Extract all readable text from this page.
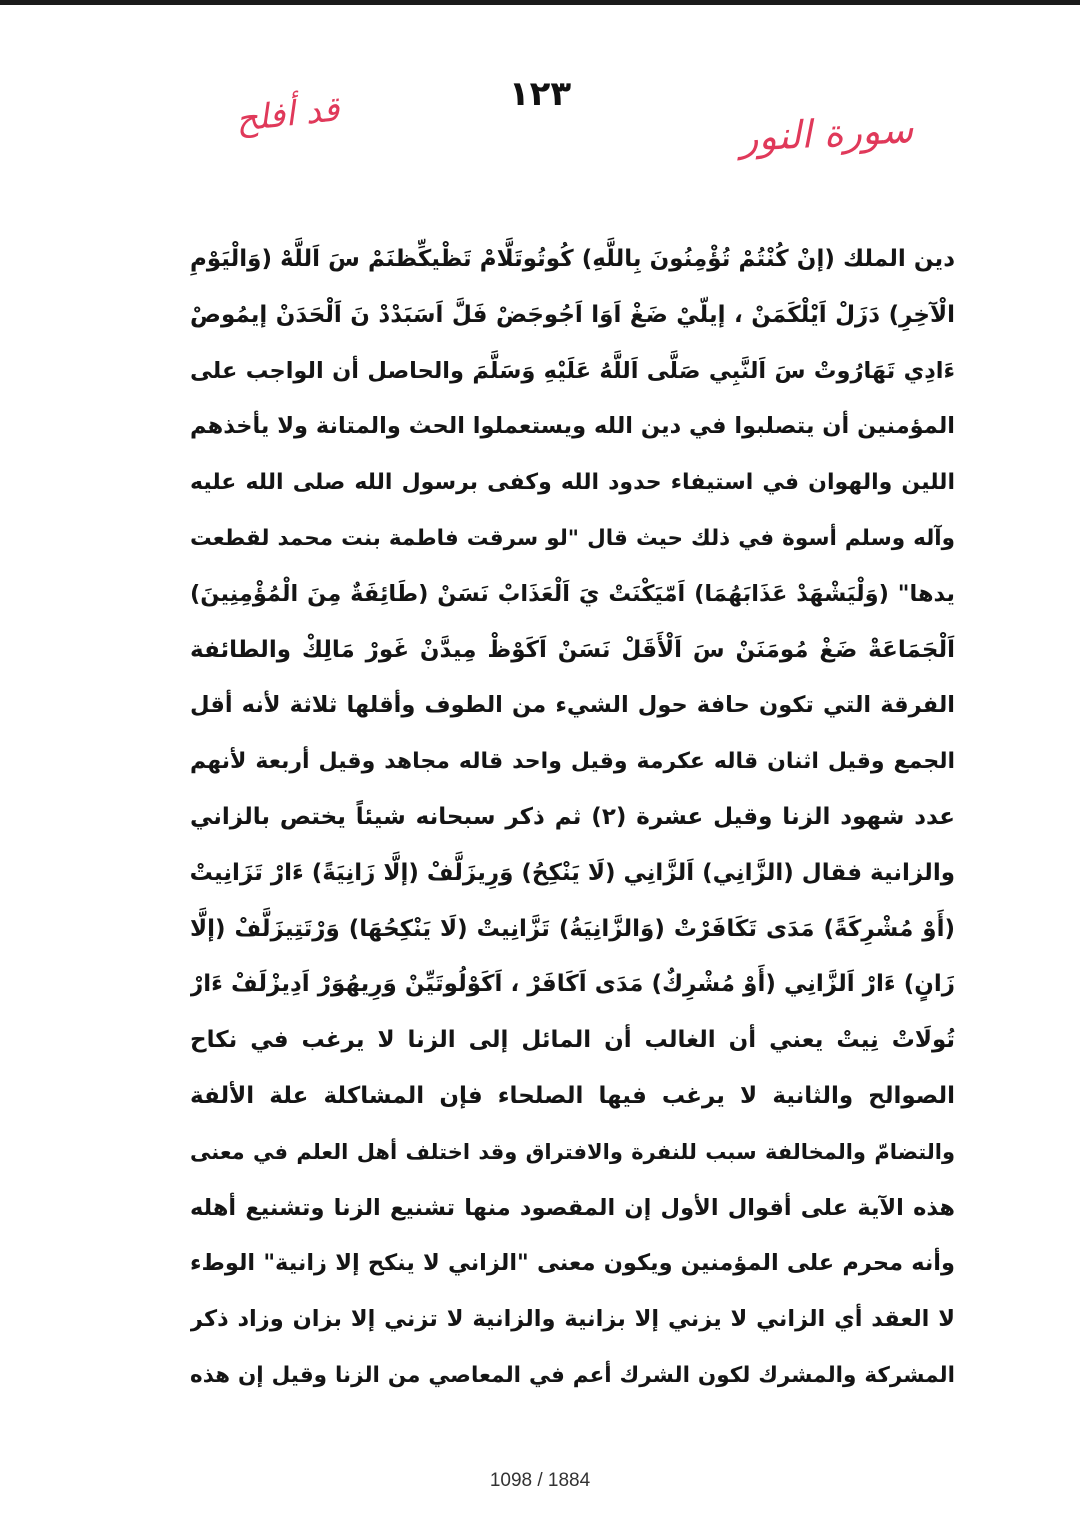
١٢٣
قد أفلح	سورة النور
دين الملك (إنْ كُنْتُمْ تُؤْمِنُونَ بِاللَّهِ) كُوتُوتَلَّامْ تَظْيكِّظنَمْ سَ اَللَّهْ (وَالْيَوْمِ
الْآخِرِ) دَزَلْ اَيْلْكَمَنْ ، إيلّيْ ضَغْ اَوَا اَجُوجَضْ فَلَّ اَسَبَدْدْ نَ اَلْحَدَنْ إيمُوصْ
ءَادِي تَهَارُوتْ سَ اَلنَّبِي صَلَّى اَللَّهُ عَلَيْهِ وَسَلَّمَ والحاصل أن الواجب على
المؤمنين أن يتصلبوا في دين الله ويستعملوا الحث والمتانة ولا يأخذهم
اللين والهوان في استيفاء حدود الله وكفى برسول الله صلى الله عليه
وآله وسلم أسوة في ذلك حيث قال "لو سرقت فاطمة بنت محمد لقطعت
يدها" (وَلْيَشْهَدْ عَذَابَهُمَا) اَمّيَكْنَتْ يَ اَلْعَذَابْ نَسَنْ (طَائِفَةٌ مِنَ الْمُؤْمِنِينَ)
اَلْجَمَاعَةْ ضَغْ مُومَنَنْ سَ اَلْأَقَلْ نَسَنْ اَكَوْظْ مِيدَّنْ غَورْ مَالِكْ والطائفة
الفرقة التي تكون حافة حول الشيء من الطوف وأقلها ثلاثة لأنه أقل
الجمع وقيل اثنان قاله عكرمة وقيل واحد قاله مجاهد وقيل أربعة لأنهم
عدد شهود الزنا وقيل عشرة (٢) ثم ذكر سبحانه شيئاً يختص بالزاني
والزانية فقال (الزَّانِي) اَلزَّانِي (لَا يَنْكِحُ) وَرِيزَلَّفْ (إلَّا زَانِيَةً) ءَارْ تَزَانِيتْ
(أَوْ مُشْرِكَةً) مَدَى تَكَافَرْتْ (وَالزَّانِيَةُ) تَزَّانِيتْ (لَا يَنْكِحُهَا) وَرْتَتِيزَلَّفْ (إلَّا
زَانٍ) ءَارْ اَلزَّانِي (أَوْ مُشْرِكٌ) مَدَى اَكَافَرْ ، اَكَوْلُوتَيِّنْ وَرِيهُوَرْ اَدِيزْلَفْ ءَارْ
تُولَاتْ نِيتْ يعني أن الغالب أن المائل إلى الزنا لا يرغب في نكاح
الصوالح والثانية لا يرغب فيها الصلحاء فإن المشاكلة علة الألفة
والتضامّ والمخالفة سبب للنفرة والافتراق وقد اختلف أهل العلم في معنى
هذه الآية على أقوال الأول إن المقصود منها تشنيع الزنا وتشنيع أهله
وأنه محرم على المؤمنين ويكون معنى "الزاني لا ينكح إلا زانية" الوطء
لا العقد أي الزاني لا يزني إلا بزانية والزانية لا تزني إلا بزان وزاد ذكر
المشركة والمشرك لكون الشرك أعم في المعاصي من الزنا وقيل إن هذه
1098 / 1884
